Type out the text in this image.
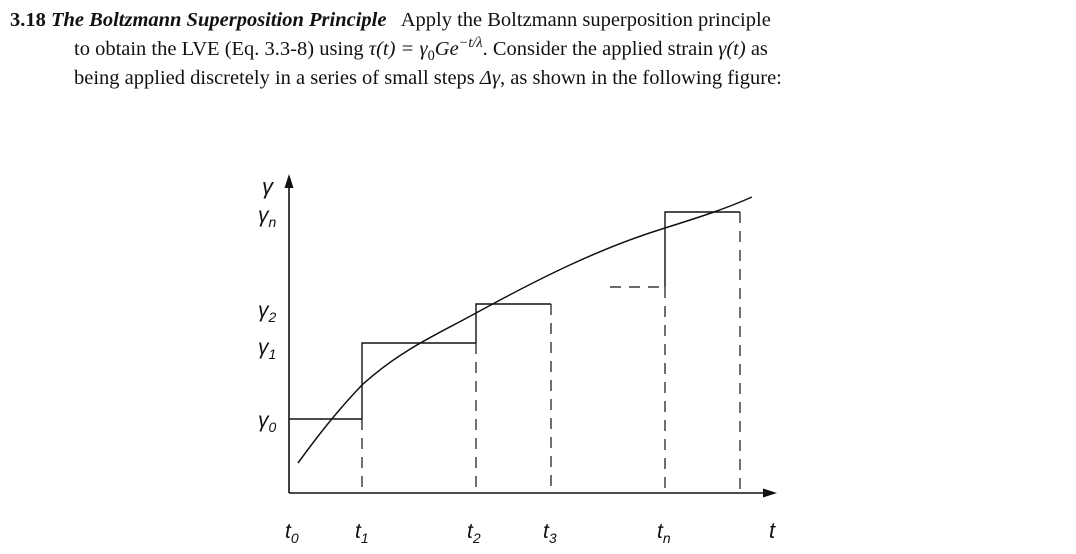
3.18 The Boltzmann Superposition Principle Apply the Boltzmann superposition principle
to obtain the LVE (Eq. 3.3-8) using $\tau(t) = \gamma_0Ge^{-t/\lambda}$. Consider the applied strain γ(t) as
being applied discretely in a series of small steps Δγ, as shown in the following figure:
γ
t
$\gamma_n$
$\gamma_2$
$\gamma_1$
$\gamma_0$
$t_0$	$t_1$	$t_2$	$t_3$	$t_n$
